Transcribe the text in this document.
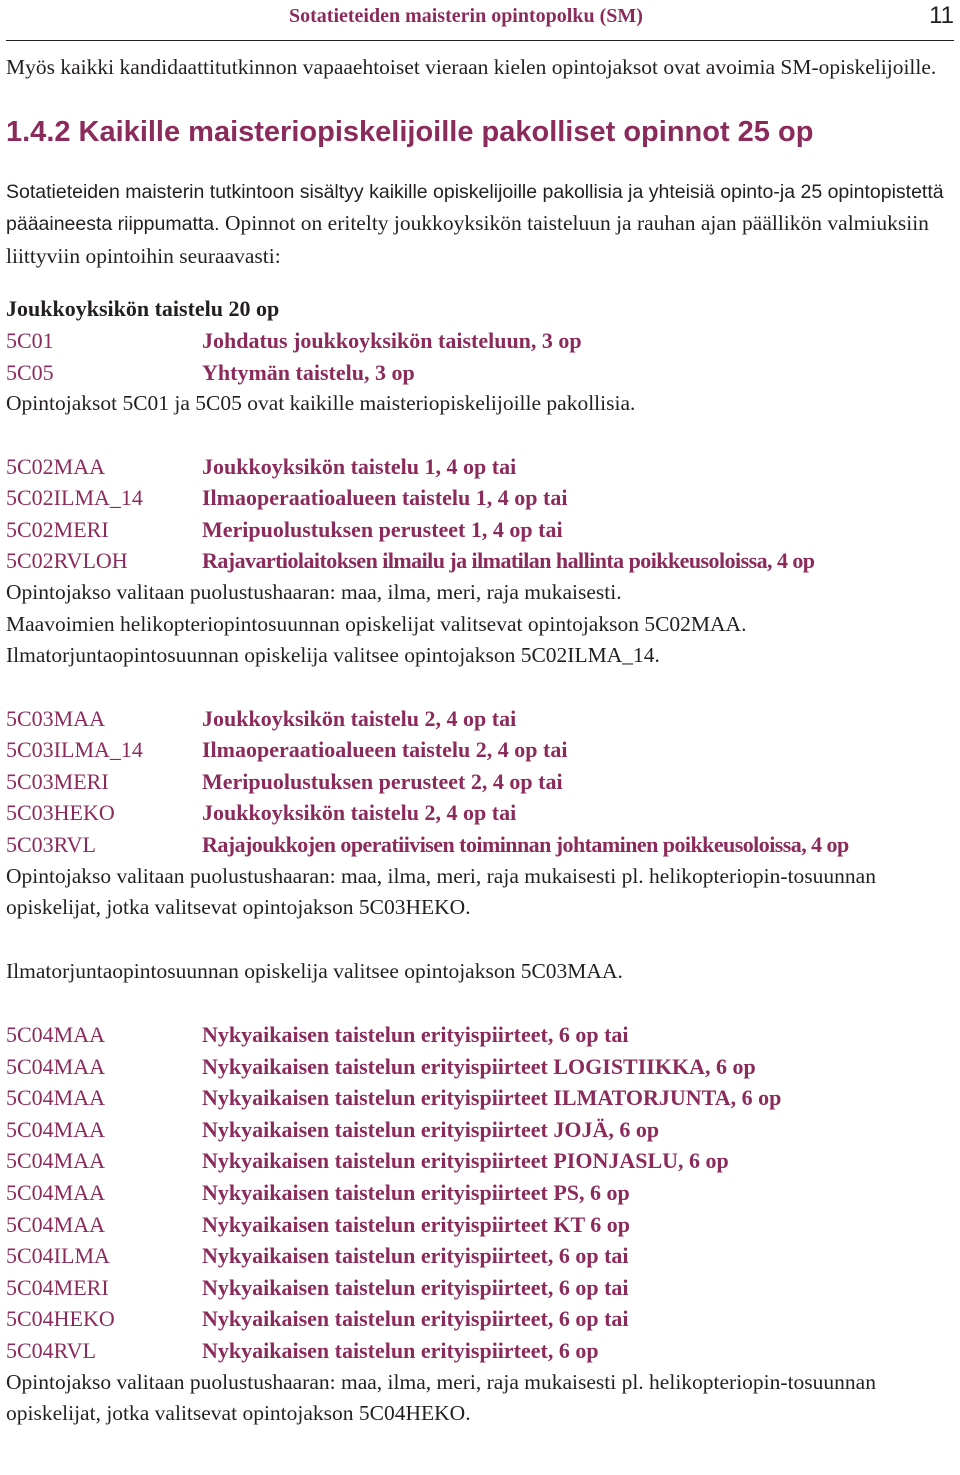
Sotatieteiden maisterin opintopolku (SM)	11

Myös kaikki kandidaattitutkinnon vapaaehtoiset vieraan kielen opintojaksot ovat avoimia SM-opiskelijoille.

1.4.2 Kaikille maisteriopiskelijoille pakolliset opinnot 25 op

Sotatieteiden maisterin tutkintoon sisältyy kaikille opiskelijoille pakollisia ja yhteisiä opinto-ja 25 opintopistettä pääaineesta riippumatta. Opinnot on eritelty joukkoyksikön taisteluun ja rauhan ajan päällikön valmiuksiin liittyviin opintoihin seuraavasti:

Joukkoyksikön taistelu 20 op
5C01	Johdatus joukkoyksikön taisteluun, 3 op
5C05	Yhtymän taistelu, 3 op

Opintojaksot 5C01 ja 5C05 ovat kaikille maisteriopiskelijoille pakollisia.

5C02MAA	Joukkoyksikön taistelu 1, 4 op tai
5C02ILMA_14	Ilmaoperaatioalueen taistelu 1, 4 op tai
5C02MERI	Meripuolustuksen perusteet 1, 4 op tai
5C02RVLOH	Rajavartiolaitoksen ilmailu ja ilmatilan hallinta poikkeusoloissa, 4 op

Opintojakso valitaan puolustushaaran: maa, ilma, meri, raja mukaisesti.

Maavoimien helikopteriopintosuunnan opiskelijat valitsevat opintojakson 5C02MAA.

Ilmatorjuntaopintosuunnan opiskelija valitsee opintojakson 5C02ILMA_14.

5C03MAA	Joukkoyksikön taistelu 2, 4 op tai
5C03ILMA_14	Ilmaoperaatioalueen taistelu 2, 4 op tai
5C03MERI	Meripuolustuksen perusteet 2, 4 op tai
5C03HEKO	Joukkoyksikön taistelu 2, 4 op tai
5C03RVL	Rajajoukkojen operatiivisen toiminnan johtaminen poikkeusoloissa, 4 op

Opintojakso valitaan puolustushaaran: maa, ilma, meri, raja mukaisesti pl. helikopteriopin-tosuunnan opiskelijat, jotka valitsevat opintojakson 5C03HEKO.

Ilmatorjuntaopintosuunnan opiskelija valitsee opintojakson 5C03MAA.

5C04MAA	Nykyaikaisen taistelun erityispiirteet, 6 op tai
5C04MAA	Nykyaikaisen taistelun erityispiirteet LOGISTIIKKA, 6 op
5C04MAA	Nykyaikaisen taistelun erityispiirteet ILMATORJUNTA, 6 op
5C04MAA	Nykyaikaisen taistelun erityispiirteet JOJÄ, 6 op
5C04MAA	Nykyaikaisen taistelun erityispiirteet PIONJASLU, 6 op
5C04MAA	Nykyaikaisen taistelun erityispiirteet PS, 6 op
5C04MAA	Nykyaikaisen taistelun erityispiirteet KT 6 op
5C04ILMA	Nykyaikaisen taistelun erityispiirteet, 6 op tai
5C04MERI	Nykyaikaisen taistelun erityispiirteet, 6 op tai
5C04HEKO	Nykyaikaisen taistelun erityispiirteet, 6 op tai
5C04RVL	Nykyaikaisen taistelun erityispiirteet, 6 op

Opintojakso valitaan puolustushaaran: maa, ilma, meri, raja mukaisesti pl. helikopteriopin-tosuunnan opiskelijat, jotka valitsevat opintojakson 5C04HEKO.
